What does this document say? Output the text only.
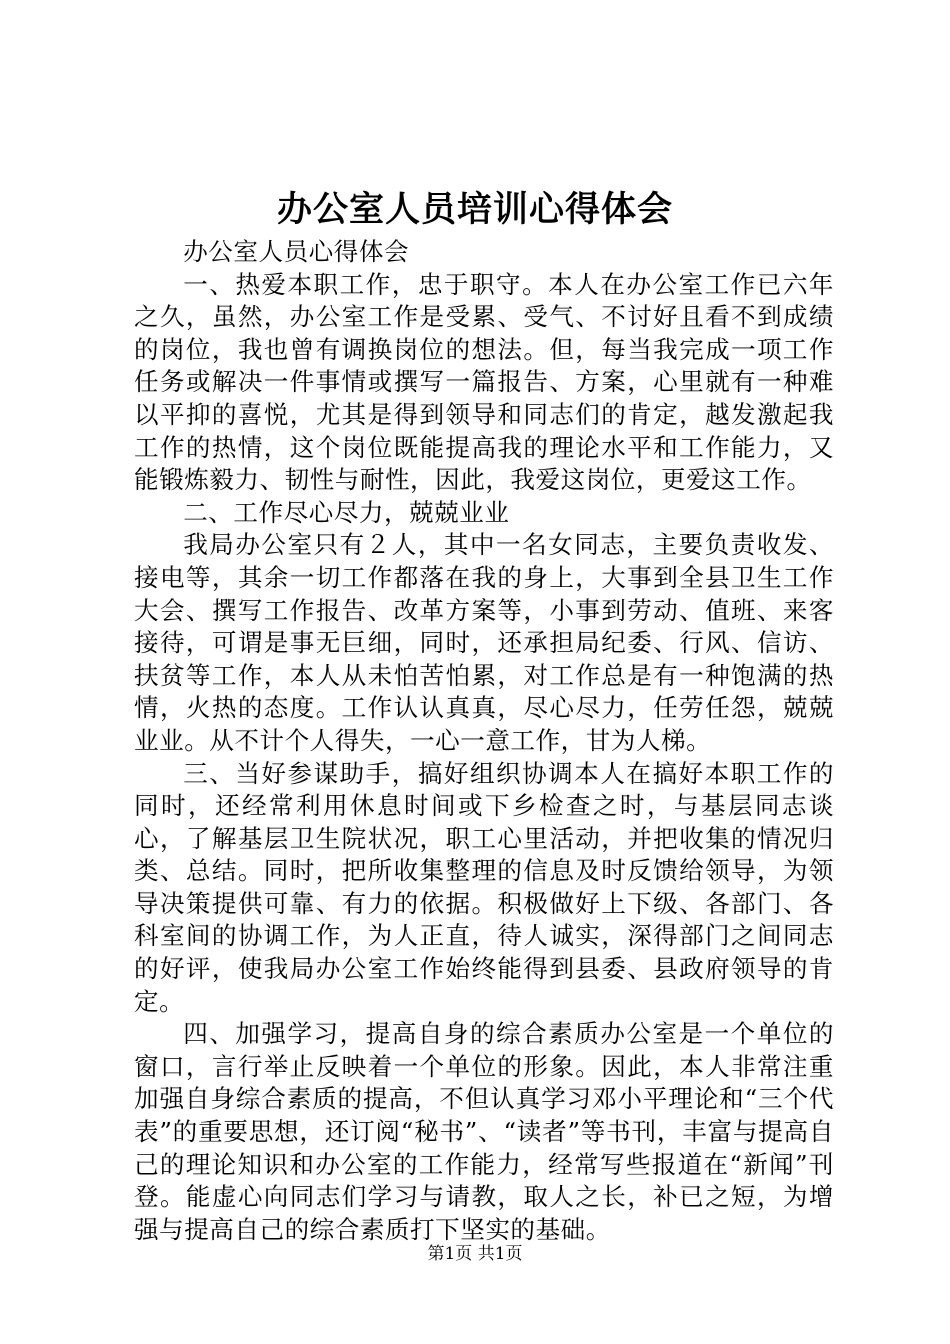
办公室人员培训心得体会

办公室人员心得体会

一、热爱本职工作，忠于职守。本人在办公室工作已六年之久，虽然，办公室工作是受累、受气、不讨好且看不到成绩的岗位，我也曾有调换岗位的想法。但，每当我完成一项工作任务或解决一件事情或撰写一篇报告、方案，心里就有一种难以平抑的喜悦，尤其是得到领导和同志们的肯定，越发激起我工作的热情，这个岗位既能提高我的理论水平和工作能力，又能锻炼毅力、韧性与耐性，因此，我爱这岗位，更爱这工作。

二、工作尽心尽力，兢兢业业

我局办公室只有２人，其中一名女同志，主要负责收发、接电等，其余一切工作都落在我的身上，大事到全县卫生工作大会、撰写工作报告、改革方案等，小事到劳动、值班、来客接待，可谓是事无巨细，同时，还承担局纪委、行风、信访、扶贫等工作，本人从未怕苦怕累，对工作总是有一种饱满的热情，火热的态度。工作认认真真，尽心尽力，任劳任怨，兢兢业业。从不计个人得失，一心一意工作，甘为人梯。

三、当好参谋助手，搞好组织协调本人在搞好本职工作的同时，还经常利用休息时间或下乡检查之时，与基层同志谈心，了解基层卫生院状况，职工心里活动，并把收集的情况归类、总结。同时，把所收集整理的信息及时反馈给领导，为领导决策提供可靠、有力的依据。积极做好上下级、各部门、各科室间的协调工作，为人正直，待人诚实，深得部门之间同志的好评，使我局办公室工作始终能得到县委、县政府领导的肯定。

四、加强学习，提高自身的综合素质办公室是一个单位的窗口，言行举止反映着一个单位的形象。因此，本人非常注重加强自身综合素质的提高，不但认真学习邓小平理论和“三个代表”的重要思想，还订阅“秘书”、“读者”等书刊，丰富与提高自己的理论知识和办公室的工作能力，经常写些报道在“新闻”刊登。能虚心向同志们学习与请教，取人之长，补已之短，为增强与提高自己的综合素质打下坚实的基础。

第1页 共1页
